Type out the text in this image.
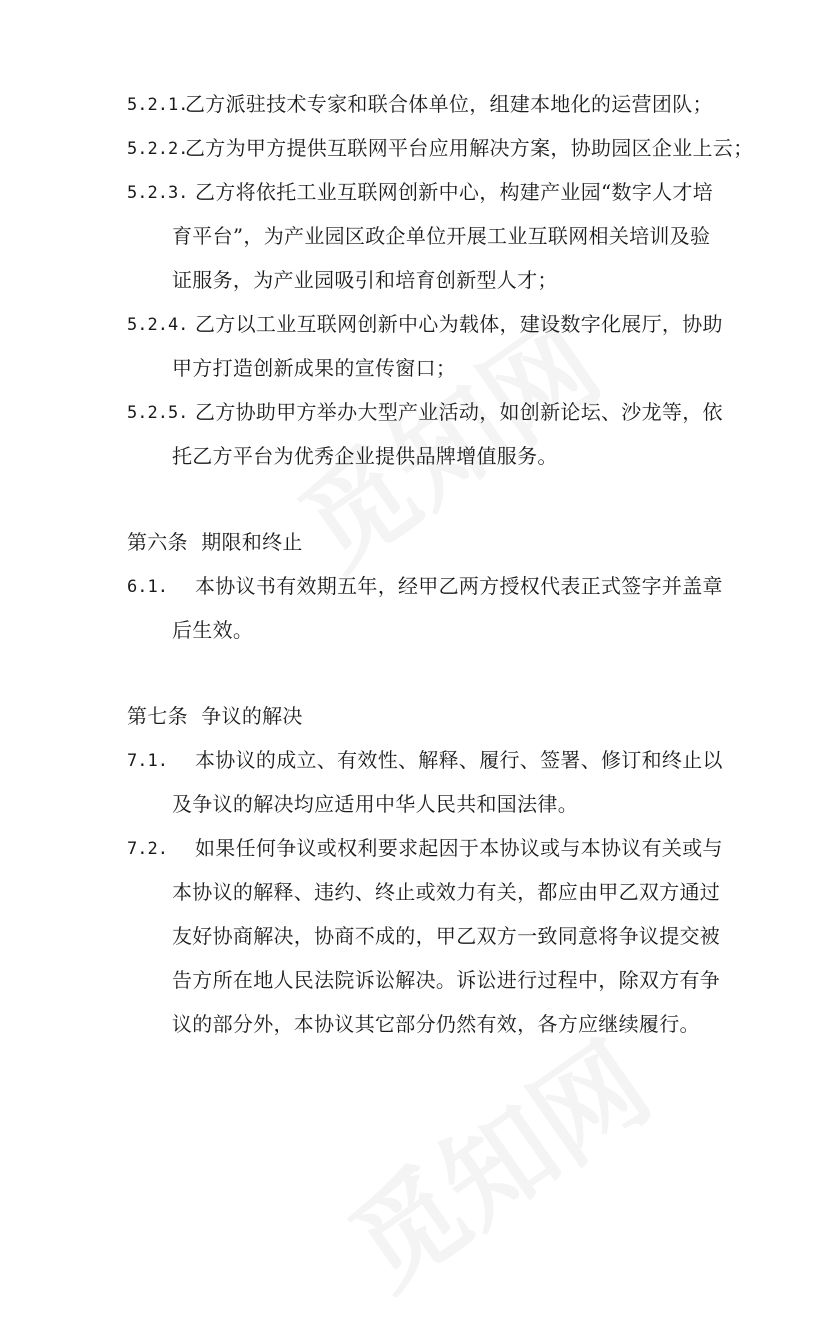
5.2.1.
乙方派驻技术专家和联合体单位，组建本地化的运营团队；
5.2.2.
乙方为甲方提供互联网平台应用解决方案，协助园区企业上云；
5.2.3. 乙方将依托工业互联网创新中心，构建产业园“数字人才培
育平台”，为产业园区政企单位开展工业互联网相关培训及验
证服务，为产业园吸引和培育创新型人才；
5.2.4. 乙方以工业互联网创新中心为载体，建设数字化展厅，协助
甲方打造创新成果的宣传窗口；
5.2.5. 乙方协助甲方举办大型产业活动，如创新论坛、沙龙等，依
托乙方平台为优秀企业提供品牌增值服务。
第六条  期限和终止
6.1. 本协议书有效期五年，经甲乙两方授权代表正式签字并盖章
后生效。
第七条  争议的解决
7.1. 本协议的成立、有效性、解释、履行、签署、修订和终止以
及争议的解决均应适用中华人民共和国法律。
7.2. 如果任何争议或权利要求起因于本协议或与本协议有关或与
本协议的解释、违约、终止或效力有关，都应由甲乙双方通过
友好协商解决，协商不成的，甲乙双方一致同意将争议提交被
告方所在地人民法院诉讼解决。诉讼进行过程中，除双方有争
议的部分外，本协议其它部分仍然有效，各方应继续履行。
